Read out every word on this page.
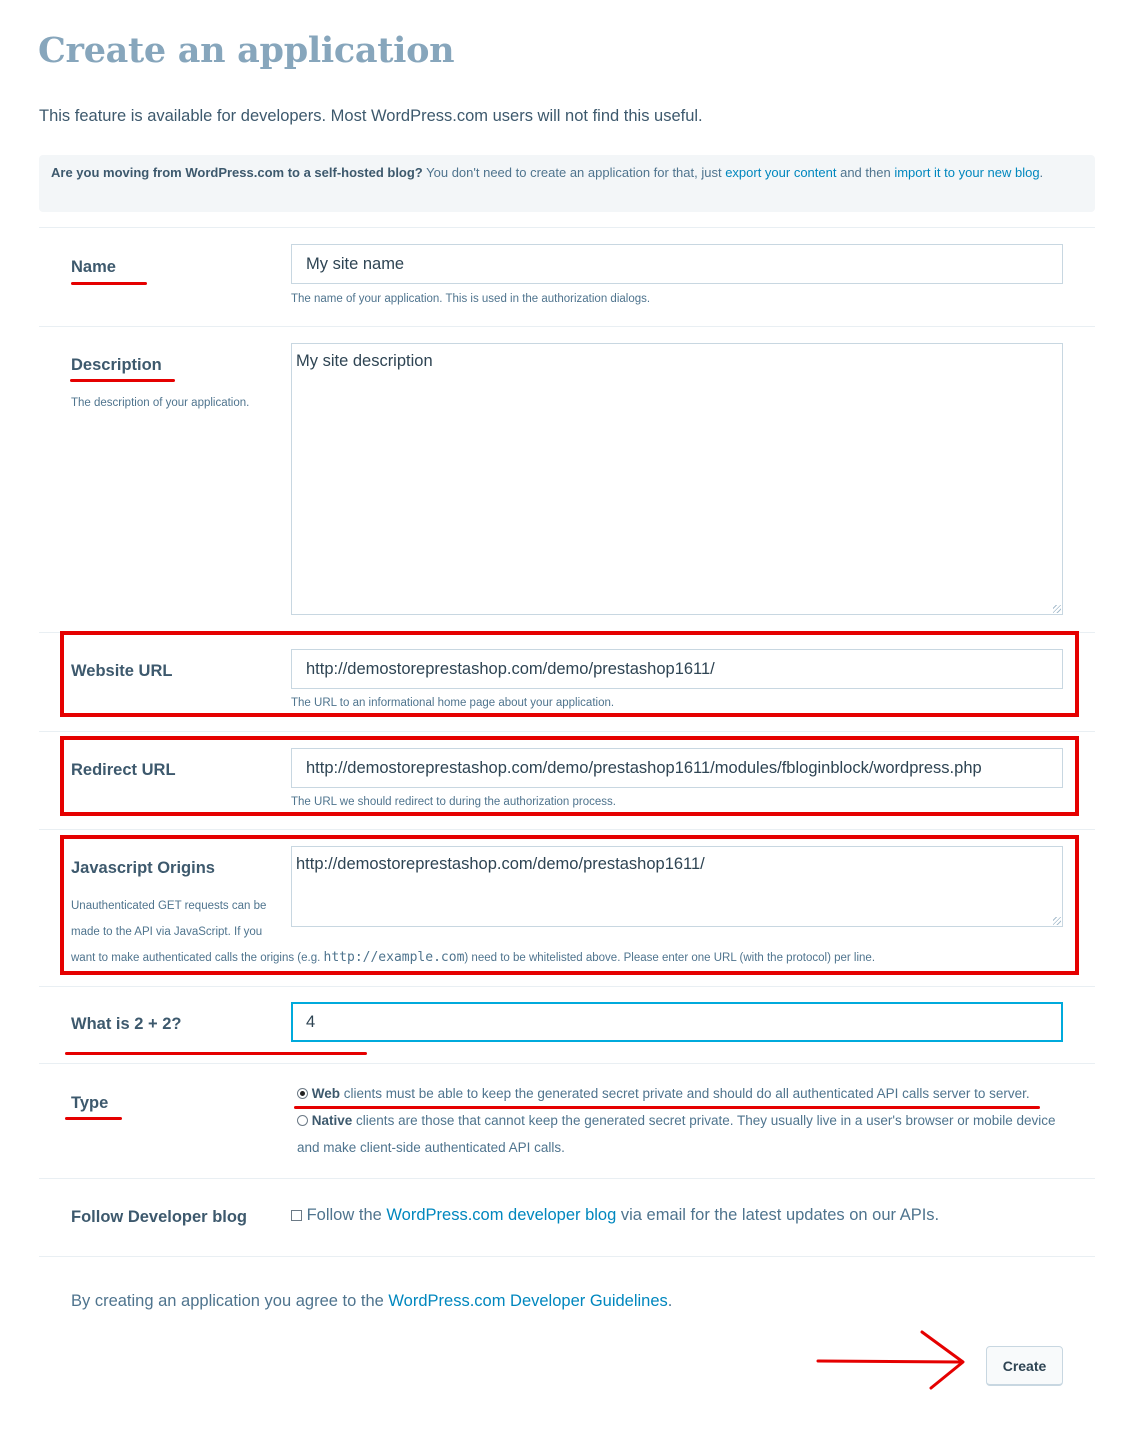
Create an application
This feature is available for developers. Most WordPress.com users will not find this useful.
Are you moving from WordPress.com to a self-hosted blog? You don't need to create an application for that, just export your content and then import it to your new blog.
Name
My site name
The name of your application. This is used in the authorization dialogs.
Description
The description of your application.
My site description
Website URL
http://demostoreprestashop.com/demo/prestashop1611/
The URL to an informational home page about your application.
Redirect URL
http://demostoreprestashop.com/demo/prestashop1611/modules/fbloginblock/wordpress.php
The URL we should redirect to during the authorization process.
Javascript Origins
http://demostoreprestashop.com/demo/prestashop1611/
Unauthenticated GET requests can be
made to the API via JavaScript. If you
want to make authenticated calls the origins (e.g. http://example.com) need to be whitelisted above. Please enter one URL (with the protocol) per line.
What is 2 + 2?
4
Type
Web clients must be able to keep the generated secret private and should do all authenticated API calls server to server.
Native clients are those that cannot keep the generated secret private. They usually live in a user's browser or mobile device and make client-side authenticated API calls.
Follow Developer blog	Follow the WordPress.com developer blog via email for the latest updates on our APIs.
By creating an application you agree to the WordPress.com Developer Guidelines.
Create
